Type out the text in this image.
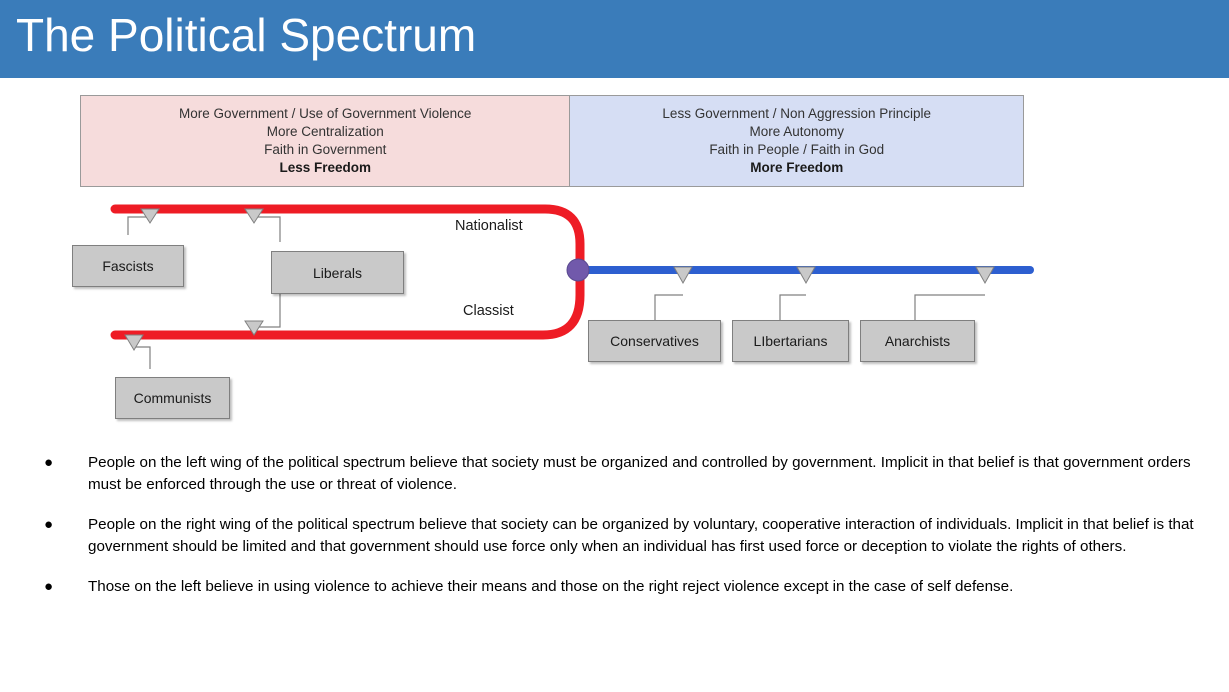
The Political Spectrum
More Government / Use of Government Violence
More Centralization
Faith in Government
Less Freedom
Less Government / Non Aggression Principle
More Autonomy
Faith in People / Faith in God
More Freedom
Nationalist
Classist
Fascists	Liberals
Communists
Conservatives	LIbertarians	Anarchists
●	People on the left wing of the political spectrum believe that society must be organized and controlled by government. Implicit in that belief is that government orders must be enforced through the use or threat of violence.
●	People on the right wing of the political spectrum believe that society can be organized by voluntary, cooperative interaction of individuals. Implicit in that belief is that government should be limited and that government should use force only when an individual has first used force or deception to violate the rights of others.
●	Those on the left believe in using violence to achieve their means and those on the right reject violence except in the case of self defense.
